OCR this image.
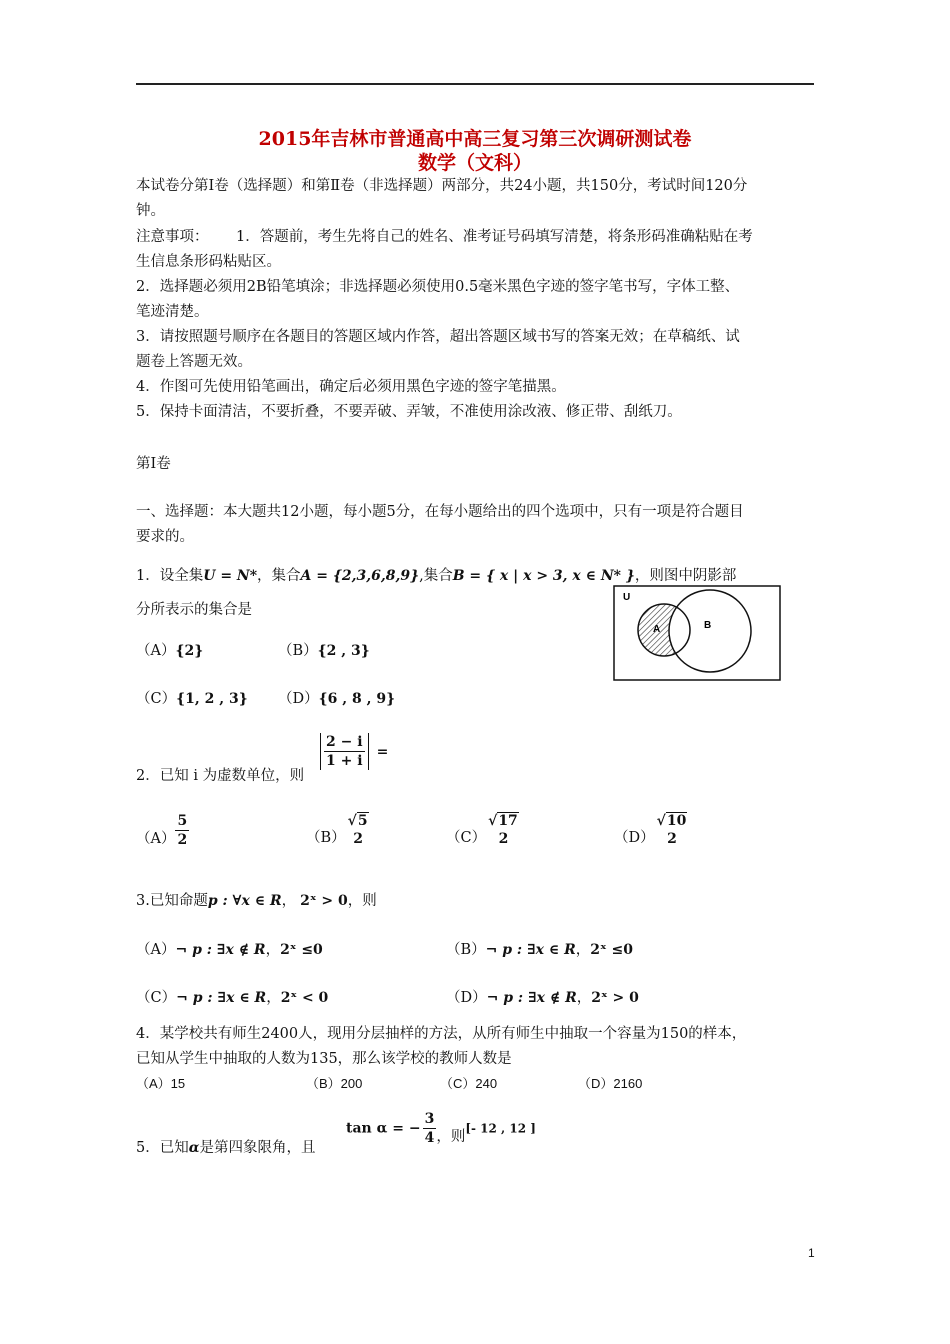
2015年吉林市普通高中高三复习第三次调研测试卷
数学（文科）
本试卷分第Ⅰ卷（选择题）和第Ⅱ卷（非选择题）两部分，共24小题，共150分，考试时间120分
钟。
注意事项： 1．答题前，考生先将自己的姓名、准考证号码填写清楚，将条形码准确粘贴在考
生信息条形码粘贴区。
2．选择题必须用2B铅笔填涂；非选择题必须使用0.5毫米黑色字迹的签字笔书写，字体工整、
笔迹清楚。
3．请按照题号顺序在各题目的答题区域内作答，超出答题区域书写的答案无效；在草稿纸、试
题卷上答题无效。
4．作图可先使用铅笔画出，确定后必须用黑色字迹的签字笔描黑。
5．保持卡面清洁，不要折叠，不要弄破、弄皱，不准使用涂改液、修正带、刮纸刀。
第Ⅰ卷
一、选择题：本大题共12小题，每小题5分，在每小题给出的四个选项中，只有一项是符合题目
要求的。
1．设全集U = N*，集合A = {2,3,6,8,9},集合B = { x | x > 3, x ∈ N* }，则图中阴影部
分所表示的集合是
（A）{2}	（B）{2 , 3}
（C）{1, 2 , 3} （D）{6 , 8 , 9}
U
A	B
2．已知 i 为虚数单位，则
$\frac{2 - i}{1 + i}$ =
$(A) \frac{5}{2}$	（B）
√5
2	（C）
√17
2	（D）
√10
2
3.已知命题p : ∀x ∈ R， 2ˣ > 0，则
（A）¬ p : ∃x ∉ R，2ˣ ≤0	（B）¬ p : ∃x ∈ R，2ˣ ≤0
（C）¬ p : ∃x ∈ R，2ˣ < 0	（D）¬ p : ∃x ∉ R，2ˣ > 0
4．某学校共有师生2400人，现用分层抽样的方法，从所有师生中抽取一个容量为150的样本，
已知从学生中抽取的人数为135，那么该学校的教师人数是
（A）15	（B）200	（C）240	（D）2160
5．已知α是第四象限角，且
tan α = − $\frac{3}{4}$ ，则[- 12 , 12 ]
1
